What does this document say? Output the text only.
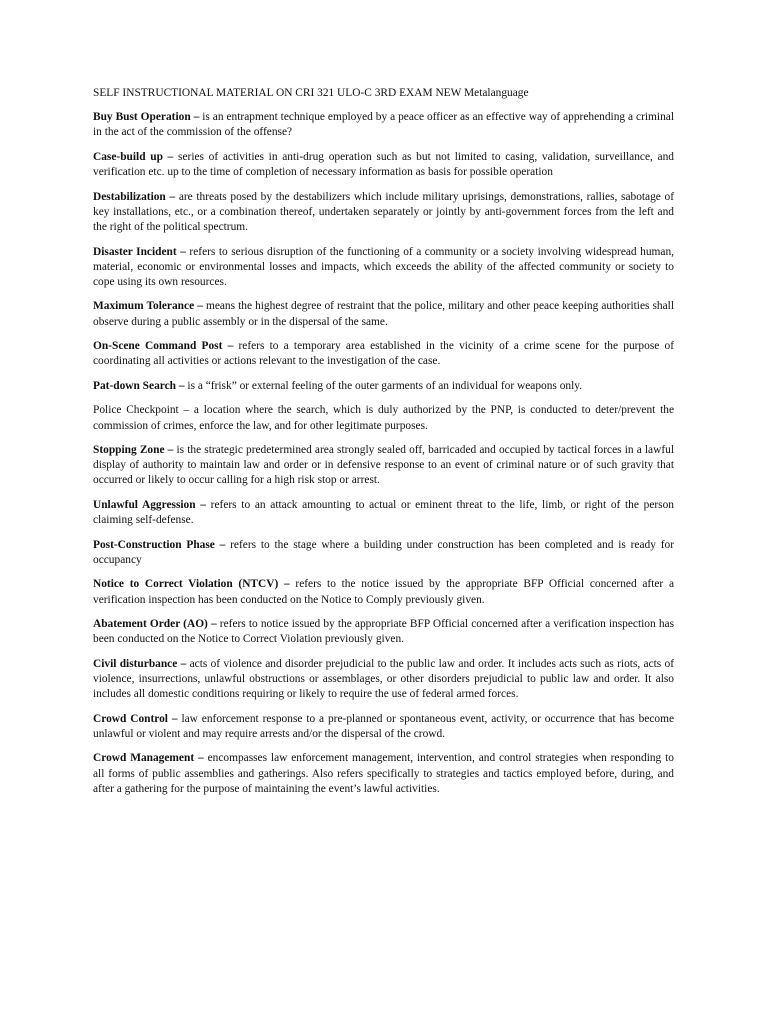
SELF INSTRUCTIONAL MATERIAL ON CRI 321 ULO-C 3RD EXAM NEW Metalanguage

Buy Bust Operation – is an entrapment technique employed by a peace officer as an effective way of apprehending a criminal in the act of the commission of the offense?

Case-build up – series of activities in anti-drug operation such as but not limited to casing, validation, surveillance, and verification etc. up to the time of completion of necessary information as basis for possible operation

Destabilization – are threats posed by the destabilizers which include military uprisings, demonstrations, rallies, sabotage of key installations, etc., or a combination thereof, undertaken separately or jointly by anti-government forces from the left and the right of the political spectrum.

Disaster Incident – refers to serious disruption of the functioning of a community or a society involving widespread human, material, economic or environmental losses and impacts, which exceeds the ability of the affected community or society to cope using its own resources.

Maximum Tolerance – means the highest degree of restraint that the police, military and other peace keeping authorities shall observe during a public assembly or in the dispersal of the same.

On-Scene Command Post – refers to a temporary area established in the vicinity of a crime scene for the purpose of coordinating all activities or actions relevant to the investigation of the case.

Pat-down Search – is a “frisk” or external feeling of the outer garments of an individual for weapons only.

Police Checkpoint – a location where the search, which is duly authorized by the PNP, is conducted to deter/prevent the commission of crimes, enforce the law, and for other legitimate purposes.

Stopping Zone – is the strategic predetermined area strongly sealed off, barricaded and occupied by tactical forces in a lawful display of authority to maintain law and order or in defensive response to an event of criminal nature or of such gravity that occurred or likely to occur calling for a high risk stop or arrest.

Unlawful Aggression – refers to an attack amounting to actual or eminent threat to the life, limb, or right of the person claiming self-defense.

Post-Construction Phase – refers to the stage where a building under construction has been completed and is ready for occupancy

Notice to Correct Violation (NTCV) – refers to the notice issued by the appropriate BFP Official concerned after a verification inspection has been conducted on the Notice to Comply previously given.

Abatement Order (AO) – refers to notice issued by the appropriate BFP Official concerned after a verification inspection has been conducted on the Notice to Correct Violation previously given.

Civil disturbance – acts of violence and disorder prejudicial to the public law and order. It includes acts such as riots, acts of violence, insurrections, unlawful obstructions or assemblages, or other disorders prejudicial to public law and order. It also includes all domestic conditions requiring or likely to require the use of federal armed forces.

Crowd Control – law enforcement response to a pre-planned or spontaneous event, activity, or occurrence that has become unlawful or violent and may require arrests and/or the dispersal of the crowd.

Crowd Management – encompasses law enforcement management, intervention, and control strategies when responding to all forms of public assemblies and gatherings. Also refers specifically to strategies and tactics employed before, during, and after a gathering for the purpose of maintaining the event’s lawful activities.
